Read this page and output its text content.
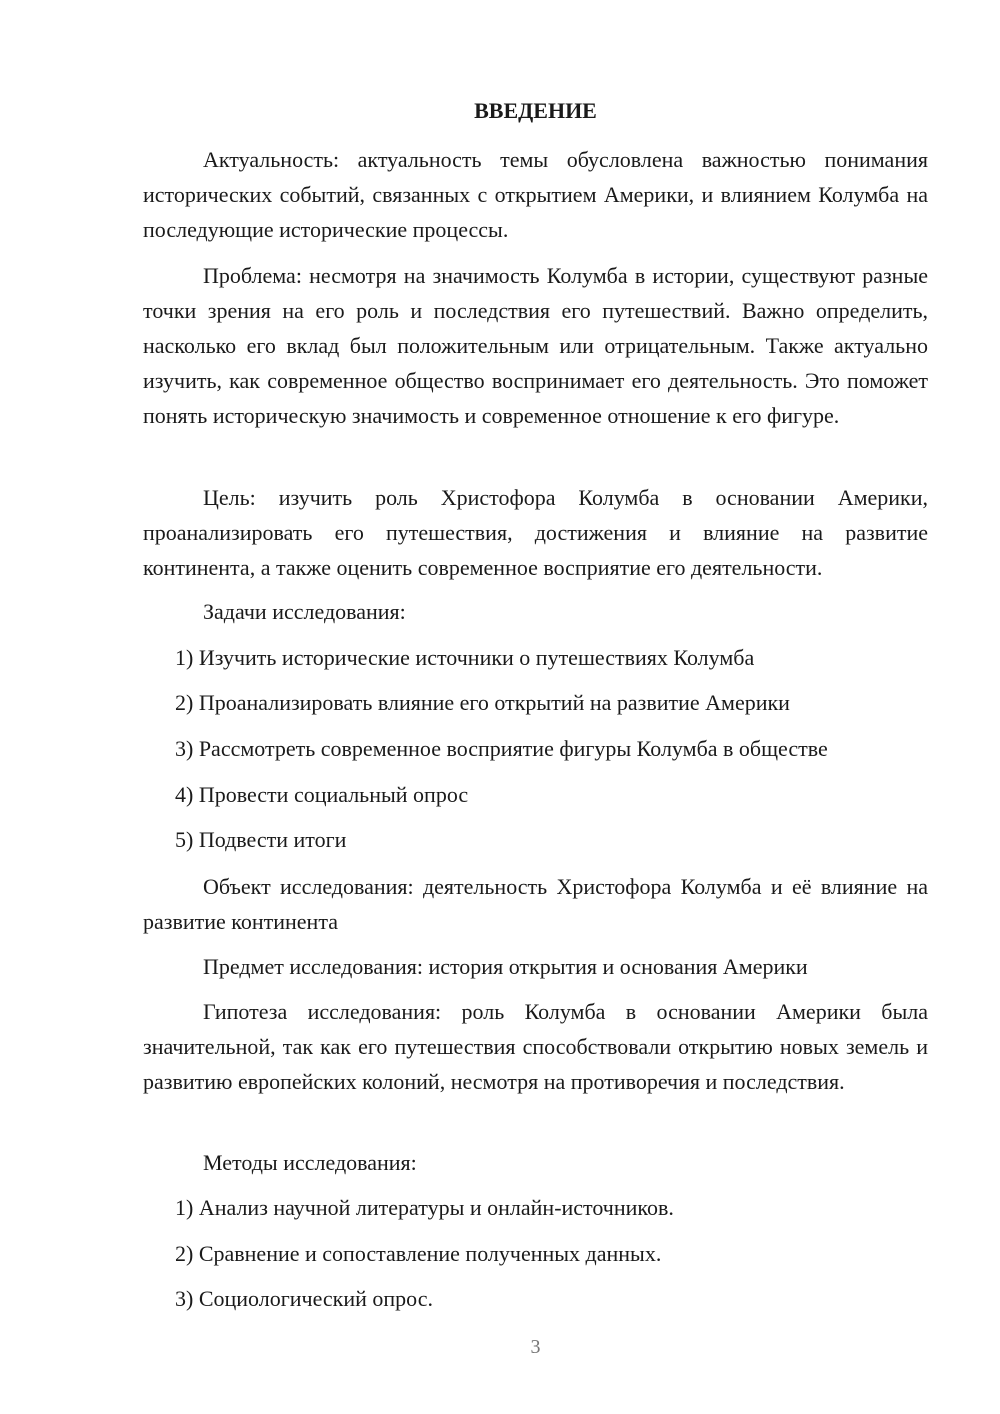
ВВЕДЕНИЕ

Актуальность: актуальность темы обусловлена важностью понимания исторических событий, связанных с открытием Америки, и влиянием Колумба на последующие исторические процессы.

Проблема: несмотря на значимость Колумба в истории, существуют разные точки зрения на его роль и последствия его путешествий. Важно определить, насколько его вклад был положительным или отрицательным. Также актуально изучить, как современное общество воспринимает его деятельность. Это поможет понять историческую значимость и современное отношение к его фигуре.

Цель: изучить роль Христофора Колумба в основании Америки, проанализировать его путешествия, достижения и влияние на развитие континента, а также оценить современное восприятие его деятельности.

Задачи исследования:
1) Изучить исторические источники о путешествиях Колумба
2) Проанализировать влияние его открытий на развитие Америки
3) Рассмотреть современное восприятие фигуры Колумба в обществе
4) Провести социальный опрос
5) Подвести итоги

Объект исследования: деятельность Христофора Колумба и её влияние на развитие континента

Предмет исследования: история открытия и основания Америки

Гипотеза исследования: роль Колумба в основании Америки была значительной, так как его путешествия способствовали открытию новых земель и развитию европейских колоний, несмотря на противоречия и последствия.

Методы исследования:
1) Анализ научной литературы и онлайн-источников.
2) Сравнение и сопоставление полученных данных.
3) Социологический опрос.
3
